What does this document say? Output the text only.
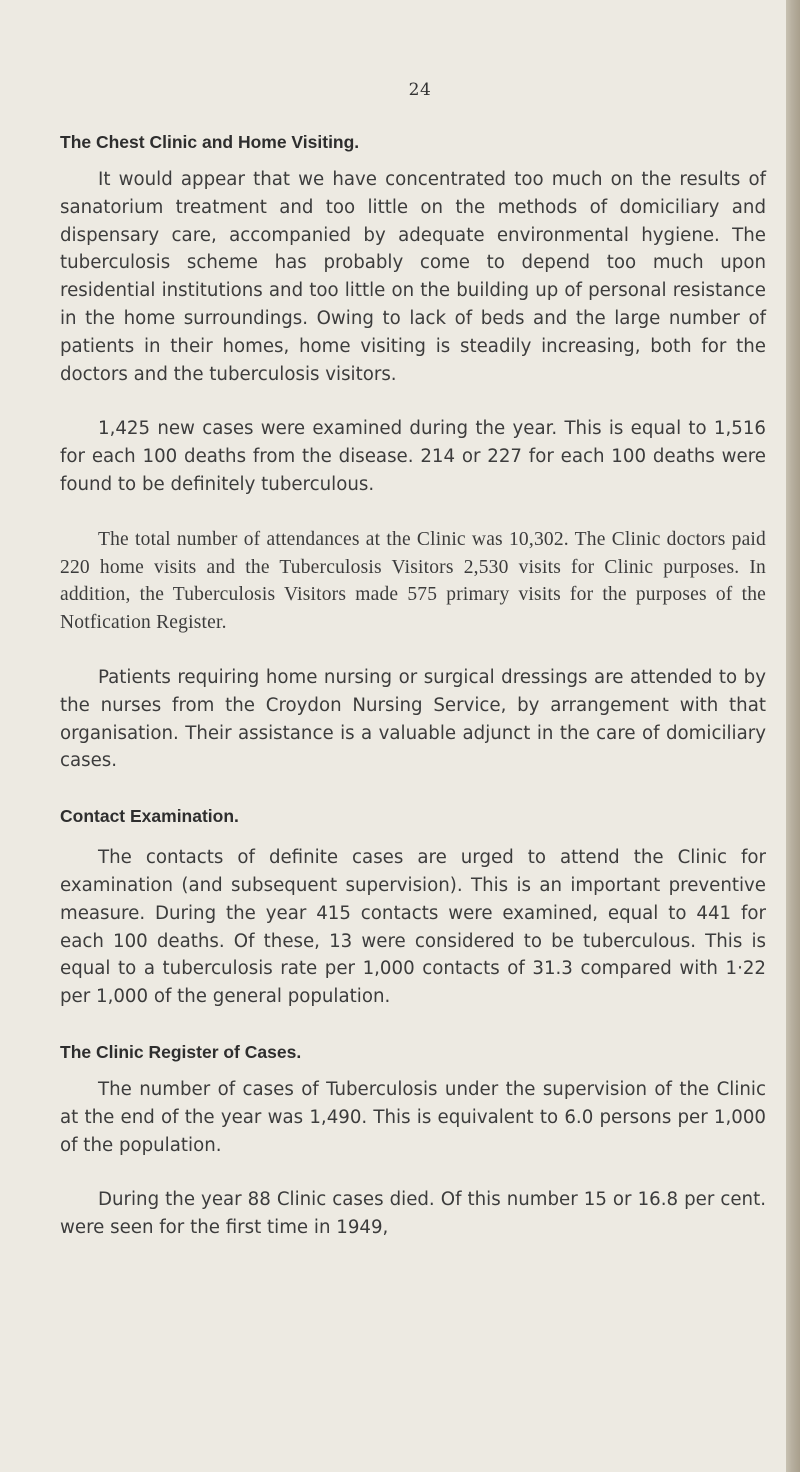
24
The Chest Clinic and Home Visiting.

It would appear that we have concentrated too much on the results of sanatorium treatment and too little on the methods of domiciliary and dispensary care, accompanied by adequate environmental hygiene. The tuberculosis scheme has probably come to depend too much upon residential institutions and too little on the building up of personal resistance in the home surroundings. Owing to lack of beds and the large number of patients in their homes, home visiting is steadily increasing, both for the doctors and the tuberculosis visitors.

1,425 new cases were examined during the year. This is equal to 1,516 for each 100 deaths from the disease. 214 or 227 for each 100 deaths were found to be definitely tuberculous.

The total number of attendances at the Clinic was 10,302. The Clinic doctors paid 220 home visits and the Tuberculosis Visitors 2,530 visits for Clinic purposes. In addition, the Tuberculosis Visitors made 575 primary visits for the purposes of the Notfication Register.

Patients requiring home nursing or surgical dressings are attended to by the nurses from the Croydon Nursing Service, by arrangement with that organisation. Their assistance is a valuable adjunct in the care of domiciliary cases.

Contact Examination.

The contacts of definite cases are urged to attend the Clinic for examination (and subsequent supervision). This is an important preventive measure. During the year 415 contacts were examined, equal to 441 for each 100 deaths. Of these, 13 were considered to be tuberculous. This is equal to a tuberculosis rate per 1,000 contacts of 31.3 compared with 1·22 per 1,000 of the general population.

The Clinic Register of Cases.

The number of cases of Tuberculosis under the supervision of the Clinic at the end of the year was 1,490. This is equivalent to 6.0 persons per 1,000 of the population.

During the year 88 Clinic cases died. Of this number 15 or 16.8 per cent. were seen for the first time in 1949,
